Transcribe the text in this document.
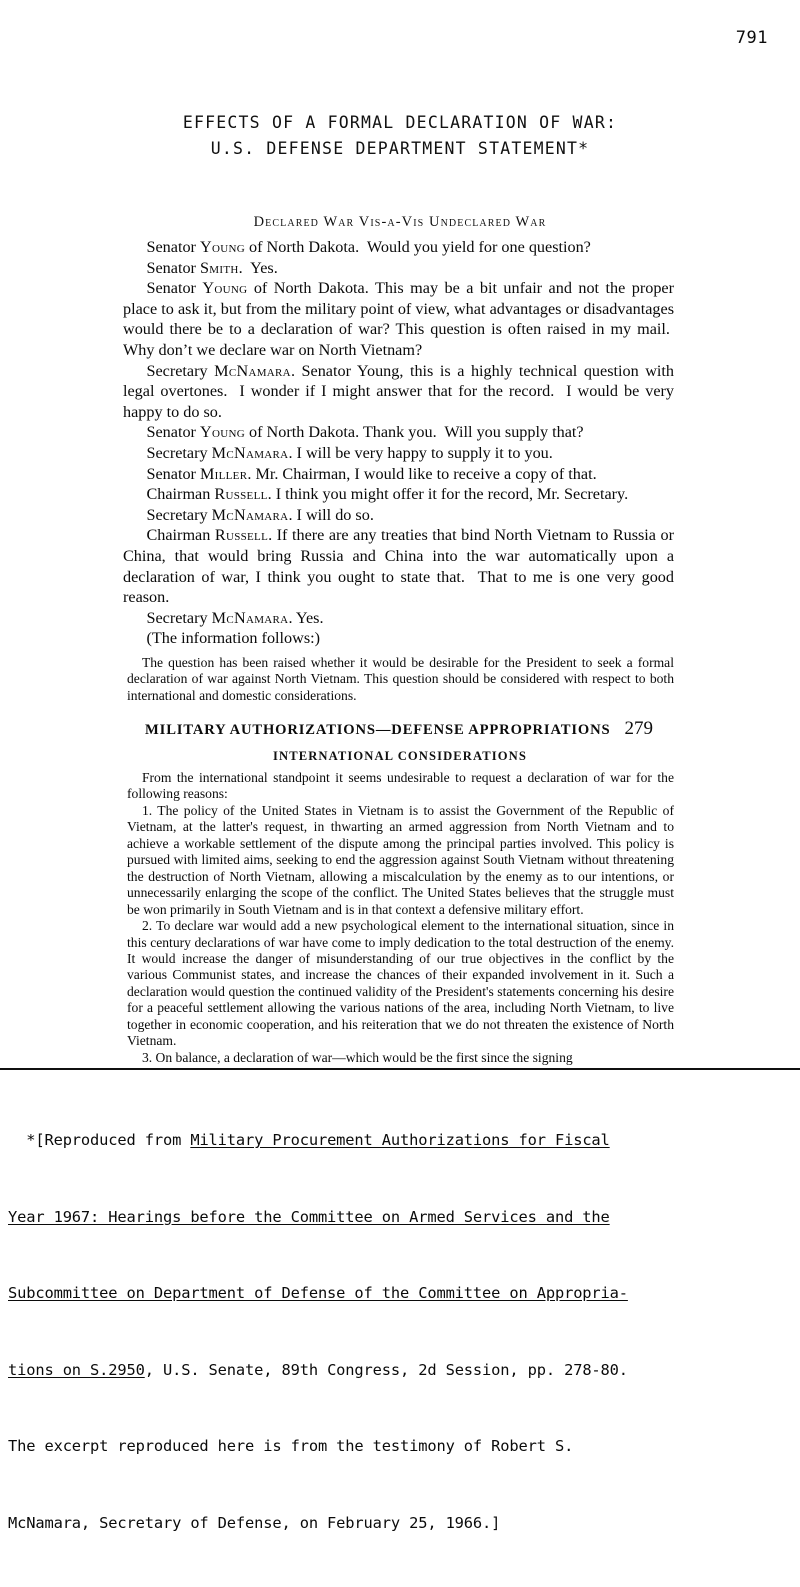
791
EFFECTS OF A FORMAL DECLARATION OF WAR:
U.S. DEFENSE DEPARTMENT STATEMENT*
Declared War Vis-a-Vis Undeclared War

Senator Young of North Dakota.  Would you yield for one question?

Senator Smith.  Yes.

Senator Young of North Dakota. This may be a bit unfair and not the proper place to ask it, but from the military point of view, what advantages or disadvantages would there be to a declaration of war? This question is often raised in my mail.  Why don’t we declare war on North Vietnam?

Secretary McNamara. Senator Young, this is a highly technical question with legal overtones.  I wonder if I might answer that for the record.  I would be very happy to do so.

Senator Young of North Dakota. Thank you.  Will you supply that?

Secretary McNamara. I will be very happy to supply it to you.

Senator Miller. Mr. Chairman, I would like to receive a copy of that.

Chairman Russell. I think you might offer it for the record, Mr. Secretary.

Secretary McNamara. I will do so.

Chairman Russell. If there are any treaties that bind North Vietnam to Russia or China, that would bring Russia and China into the war automatically upon a declaration of war, I think you ought to state that.  That to me is one very good reason.

Secretary McNamara. Yes.

(The information follows:)

The question has been raised whether it would be desirable for the President to seek a formal declaration of war against North Vietnam. This question should be considered with respect to both international and domestic considerations.

MILITARY AUTHORIZATIONS—DEFENSE APPROPRIATIONS 279
INTERNATIONAL CONSIDERATIONS

From the international standpoint it seems undesirable to request a declaration of war for the following reasons:

1. The policy of the United States in Vietnam is to assist the Government of the Republic of Vietnam, at the latter's request, in thwarting an armed aggression from North Vietnam and to achieve a workable settlement of the dispute among the principal parties involved. This policy is pursued with limited aims, seeking to end the aggression against South Vietnam without threatening the destruction of North Vietnam, allowing a miscalculation by the enemy as to our intentions, or unnecessarily enlarging the scope of the conflict. The United States believes that the struggle must be won primarily in South Vietnam and is in that context a defensive military effort.

2. To declare war would add a new psychological element to the international situation, since in this century declarations of war have come to imply dedication to the total destruction of the enemy. It would increase the danger of misunderstanding of our true objectives in the conflict by the various Communist states, and increase the chances of their expanded involvement in it. Such a declaration would question the continued validity of the President's statements concerning his desire for a peaceful settlement allowing the various nations of the area, including North Vietnam, to live together in economic cooperation, and his reiteration that we do not threaten the existence of North Vietnam.

3. On balance, a declaration of war—which would be the first since the signing

*[Reproduced from Military Procurement Authorizations for Fiscal

Year 1967: Hearings before the Committee on Armed Services and the

Subcommittee on Department of Defense of the Committee on Appropria-

tions on S.2950, U.S. Senate, 89th Congress, 2d Session, pp. 278-80.

The excerpt reproduced here is from the testimony of Robert S.

McNamara, Secretary of Defense, on February 25, 1966.]
